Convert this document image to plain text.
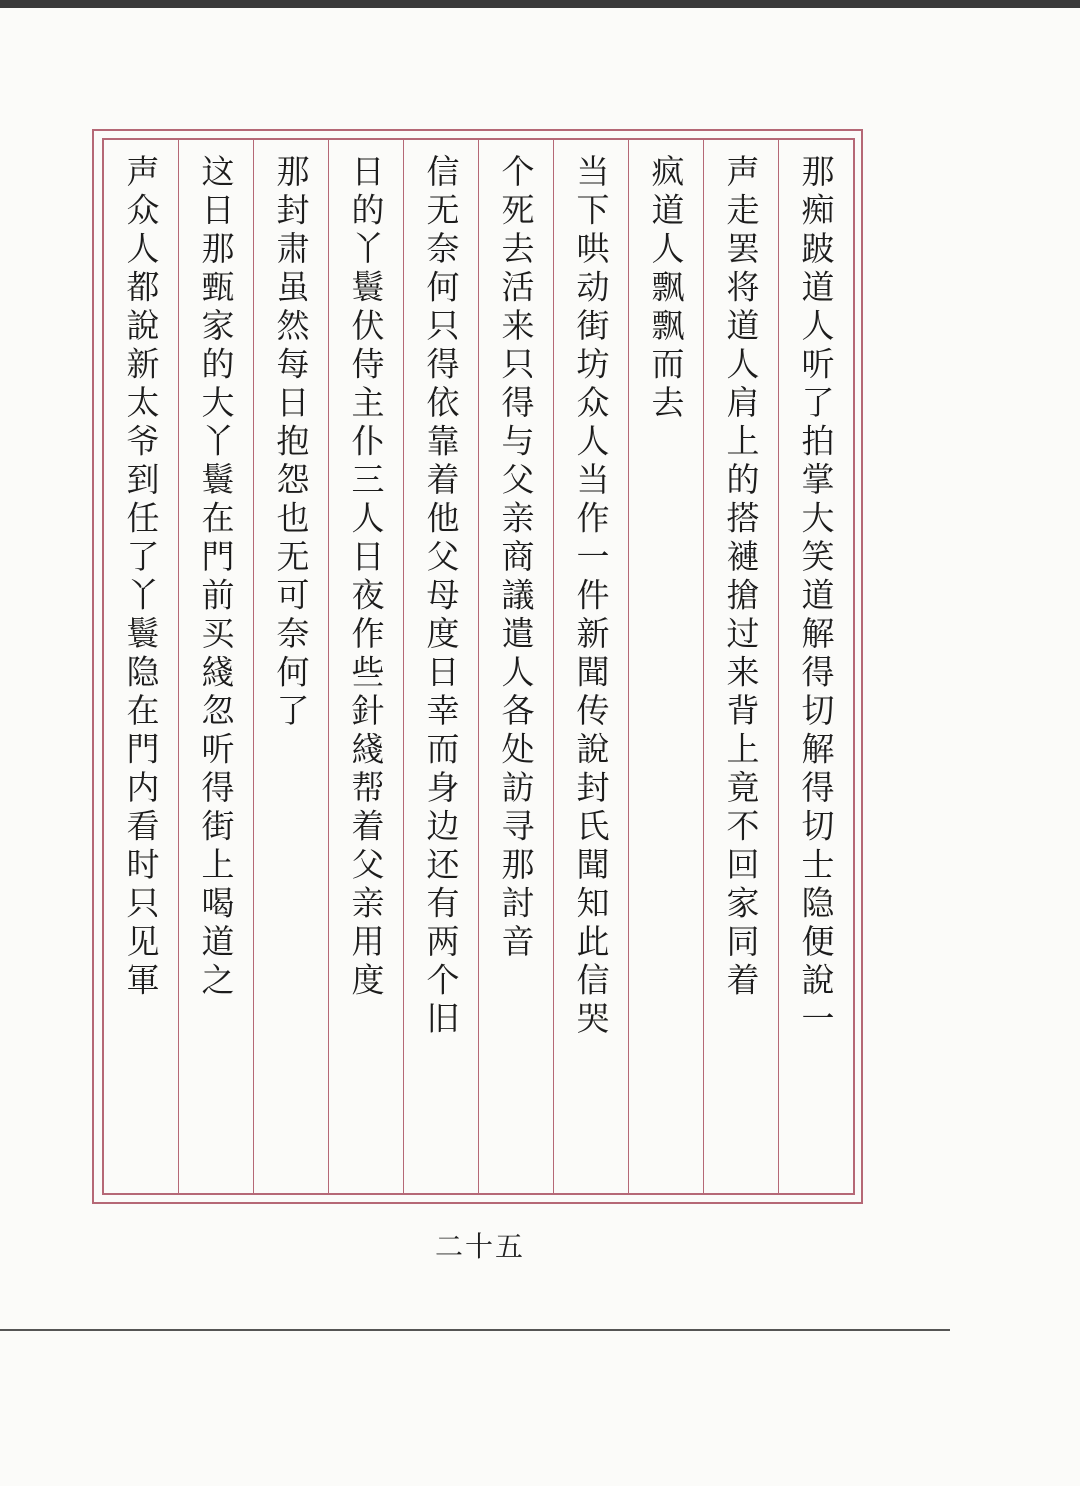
那痴跛道人听了拍掌大笑道解得切解得切士隐便說一
声走罢将道人肩上的搭褳搶过来背上竟不回家同着
疯道人飘飘而去
当下哄动街坊众人当作一件新聞传說封氏聞知此信哭
个死去活来只得与父亲商議遣人各处訪寻那討音
信无奈何只得依靠着他父母度日幸而身边还有两个旧
日的丫鬟伏侍主仆三人日夜作些針綫帮着父亲用度
那封肃虽然每日抱怨也无可奈何了
这日那甄家的大丫鬟在門前买綫忽听得街上喝道之
声众人都說新太爷到任了丫鬟隐在門内看时只见軍
二十五
